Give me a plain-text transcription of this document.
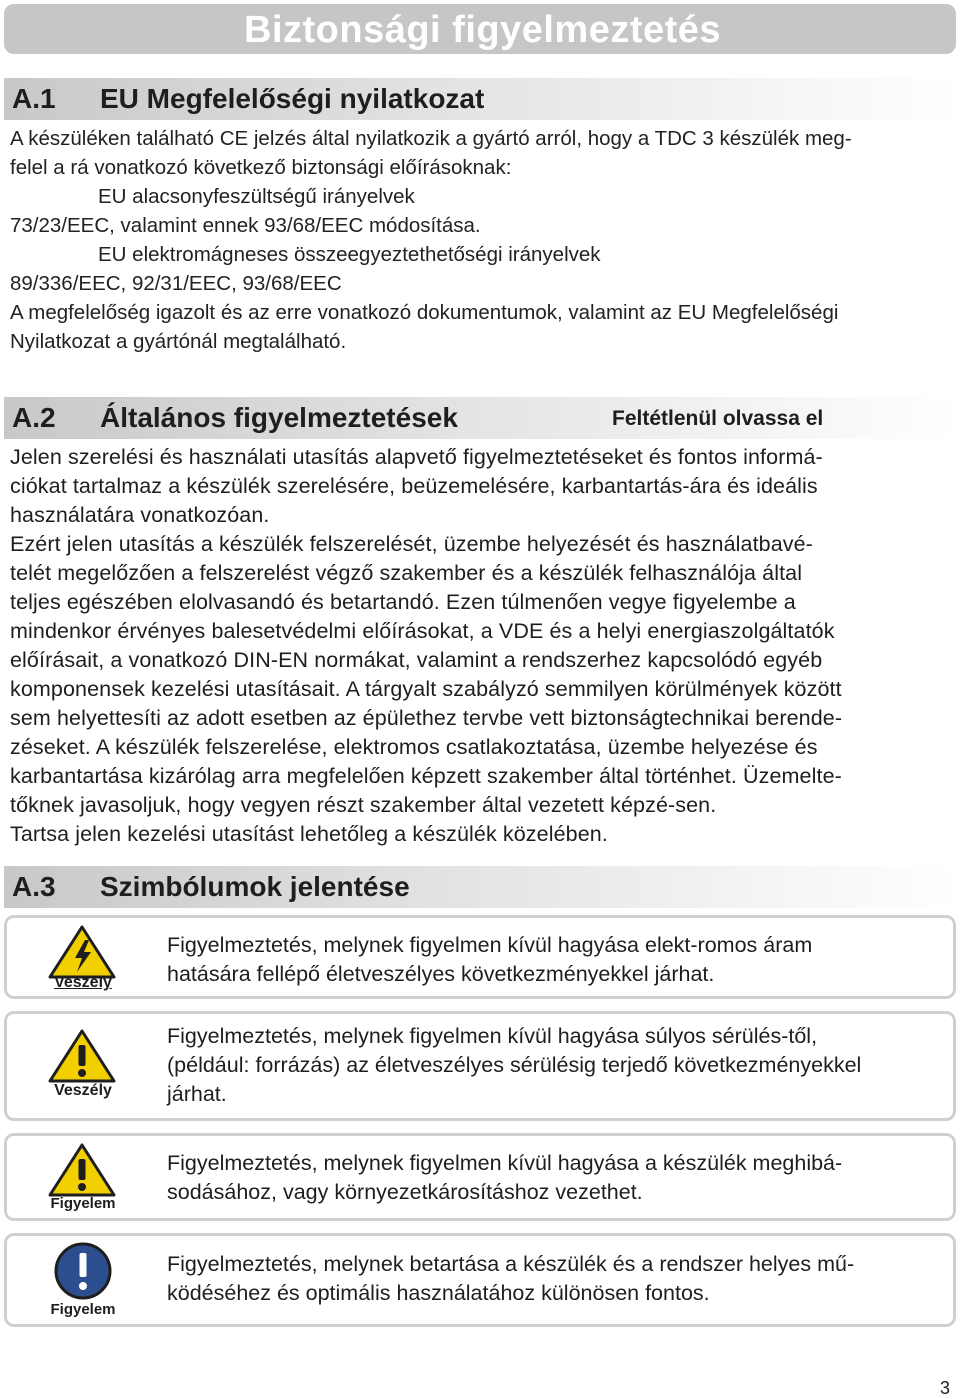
Biztonsági figyelmeztetés
A.1 EU Megfelelőségi nyilatkozat
A készüléken található CE jelzés által nyilatkozik a gyártó arról, hogy a TDC 3 készülék meg-
felel a rá vonatkozó következő biztonsági előírásoknak:
EU alacsonyfeszültségű irányelvek
73/23/EEC, valamint ennek 93/68/EEC módosítása.
EU elektromágneses összeegyeztethetőségi irányelvek
89/336/EEC, 92/31/EEC, 93/68/EEC
A megfelelőség igazolt és az erre vonatkozó dokumentumok, valamint az EU Megfelelőségi
Nyilatkozat a gyártónál megtalálható.
A.2 Általános figyelmeztetések	Feltétlenül olvassa el
Jelen szerelési és használati utasítás alapvető figyelmeztetéseket és fontos informá-
ciókat tartalmaz a készülék szerelésére, beüzemelésére, karbantartás-ára és ideális
használatára vonatkozóan.
Ezért jelen utasítás a készülék felszerelését, üzembe helyezését és használatbavé-
telét megelőzően a felszerelést végző szakember és a készülék felhasználója által
teljes egészében elolvasandó és betartandó. Ezen túlmenően vegye figyelembe a
mindenkor érvényes balesetvédelmi előírásokat, a VDE és a helyi energiaszolgáltatók
előírásait, a vonatkozó DIN-EN normákat, valamint a rendszerhez kapcsolódó egyéb
komponensek kezelési utasításait. A tárgyalt szabályzó semmilyen körülmények között
sem helyettesíti az adott esetben az épülethez tervbe vett biztonságtechnikai berende-
zéseket. A készülék felszerelése, elektromos csatlakoztatása, üzembe helyezése és
karbantartása kizárólag arra megfelelően képzett szakember által történhet. Üzemelte-
tőknek javasoljuk, hogy vegyen részt szakember által vezetett képzé-sen.
Tartsa jelen kezelési utasítást lehetőleg a készülék közelében.
A.3 Szimbólumok jelentése
Veszély
Figyelmeztetés, melynek figyelmen kívül hagyása elekt-romos áram
hatására fellépő életveszélyes következményekkel járhat.
Veszély
Figyelmeztetés, melynek figyelmen kívül hagyása súlyos sérülés-től,
(például: forrázás) az életveszélyes sérülésig terjedő következményekkel
járhat.
Figyelem
Figyelmeztetés, melynek figyelmen kívül hagyása a készülék meghibá-
sodásához, vagy környezetkárosításhoz vezethet.
Figyelem
Figyelmeztetés, melynek betartása a készülék és a rendszer helyes mű-
ködéséhez és optimális használatához különösen fontos.
3
